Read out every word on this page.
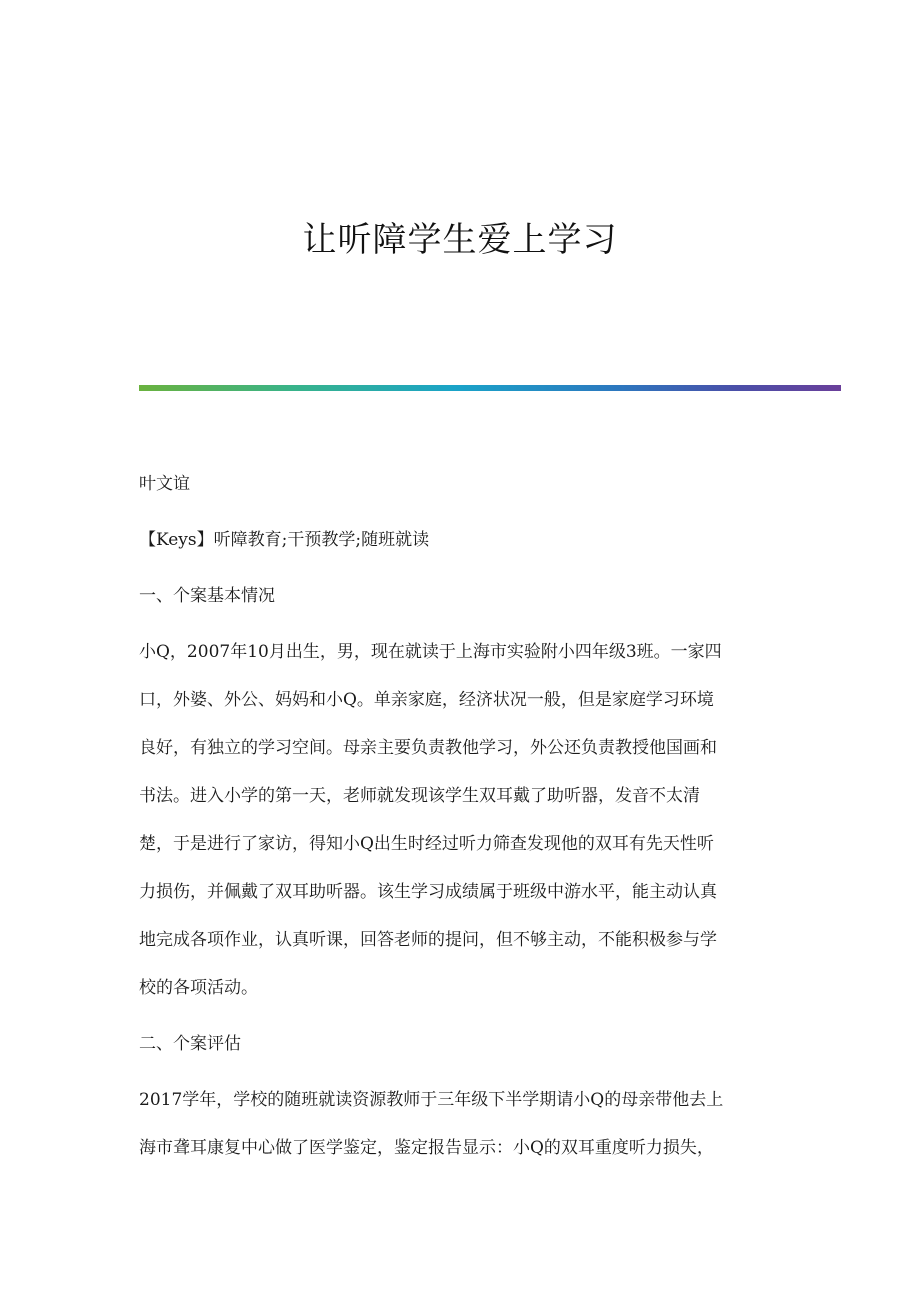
让听障学生爱上学习
叶文谊
【Keys】听障教育;干预教学;随班就读
一、个案基本情况
小Q，2007年10月出生，男，现在就读于上海市实验附小四年级3班。一家四
口，外婆、外公、妈妈和小Q。单亲家庭，经济状况一般，但是家庭学习环境
良好，有独立的学习空间。母亲主要负责教他学习，外公还负责教授他国画和
书法。进入小学的第一天，老师就发现该学生双耳戴了助听器，发音不太清
楚，于是进行了家访，得知小Q出生时经过听力筛查发现他的双耳有先天性听
力损伤，并佩戴了双耳助听器。该生学习成绩属于班级中游水平，能主动认真
地完成各项作业，认真听课，回答老师的提问，但不够主动，不能积极参与学
校的各项活动。
二、个案评估
2017学年，学校的随班就读资源教师于三年级下半学期请小Q的母亲带他去上
海市聋耳康复中心做了医学鉴定，鉴定报告显示：小Q的双耳重度听力损失，
